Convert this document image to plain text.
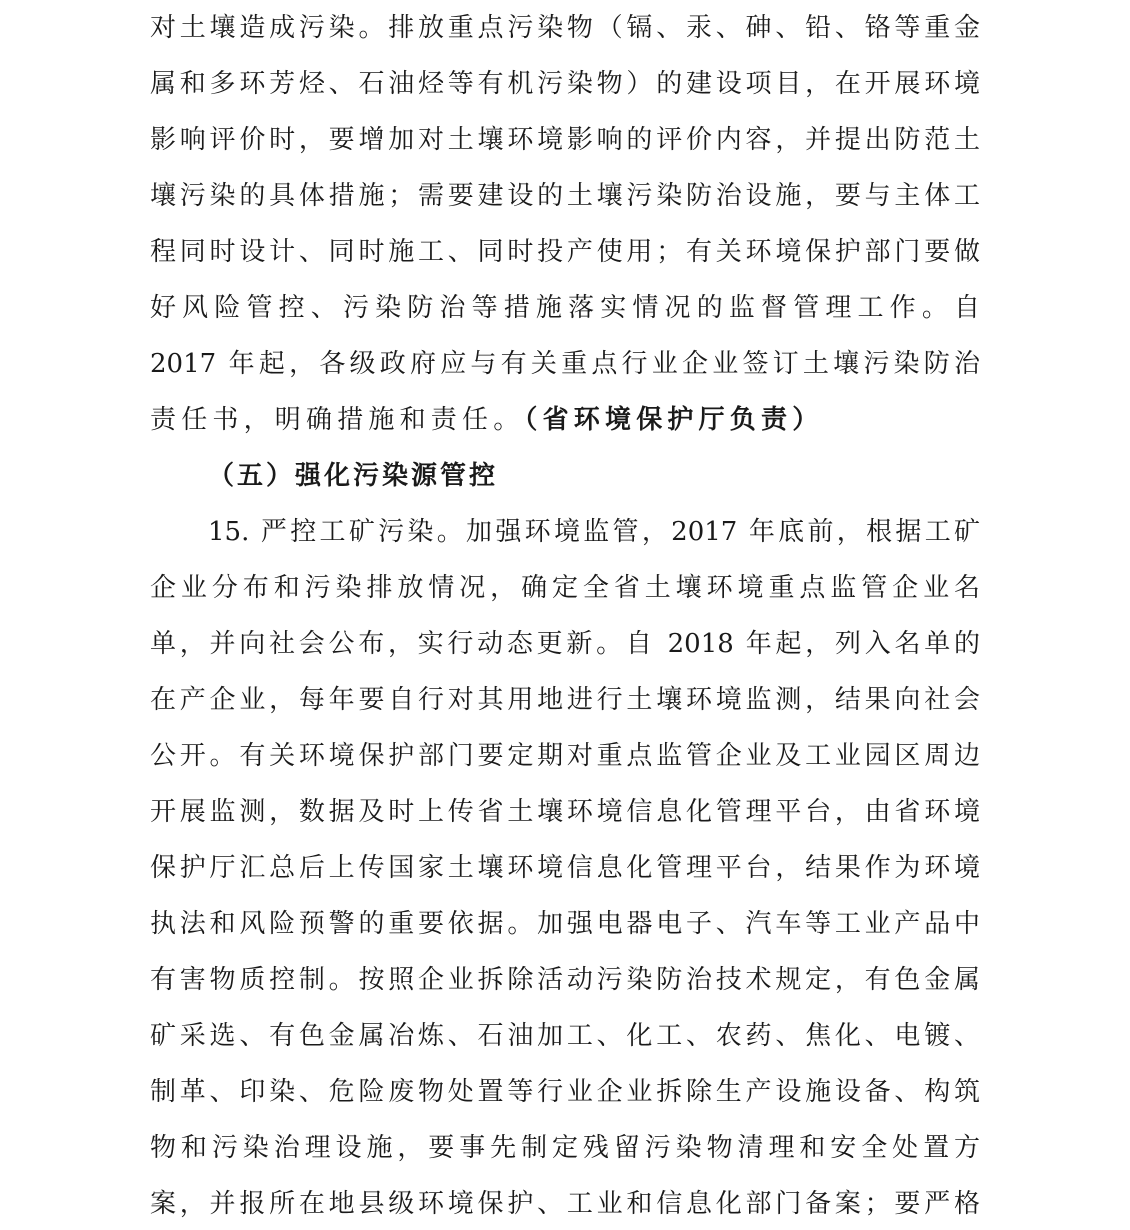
对土壤造成污染。排放重点污染物（镉、汞、砷、铅、铬等重金
属和多环芳烃、石油烃等有机污染物）的建设项目，在开展环境
影响评价时，要增加对土壤环境影响的评价内容，并提出防范土
壤污染的具体措施；需要建设的土壤污染防治设施，要与主体工
程同时设计、同时施工、同时投产使用；有关环境保护部门要做
好风险管控、污染防治等措施落实情况的监督管理工作。自
2017 年起，各级政府应与有关重点行业企业签订土壤污染防治
责任书，明确措施和责任。（省环境保护厅负责）
（五）强化污染源管控
15. 严控工矿污染。加强环境监管，2017 年底前，根据工矿
企业分布和污染排放情况，确定全省土壤环境重点监管企业名
单，并向社会公布，实行动态更新。自 2018 年起，列入名单的
在产企业，每年要自行对其用地进行土壤环境监测，结果向社会
公开。有关环境保护部门要定期对重点监管企业及工业园区周边
开展监测，数据及时上传省土壤环境信息化管理平台，由省环境
保护厅汇总后上传国家土壤环境信息化管理平台，结果作为环境
执法和风险预警的重要依据。加强电器电子、汽车等工业产品中
有害物质控制。按照企业拆除活动污染防治技术规定，有色金属
矿采选、有色金属冶炼、石油加工、化工、农药、焦化、电镀、
制革、印染、危险废物处置等行业企业拆除生产设施设备、构筑
物和污染治理设施，要事先制定残留污染物清理和安全处置方
案，并报所在地县级环境保护、工业和信息化部门备案；要严格
